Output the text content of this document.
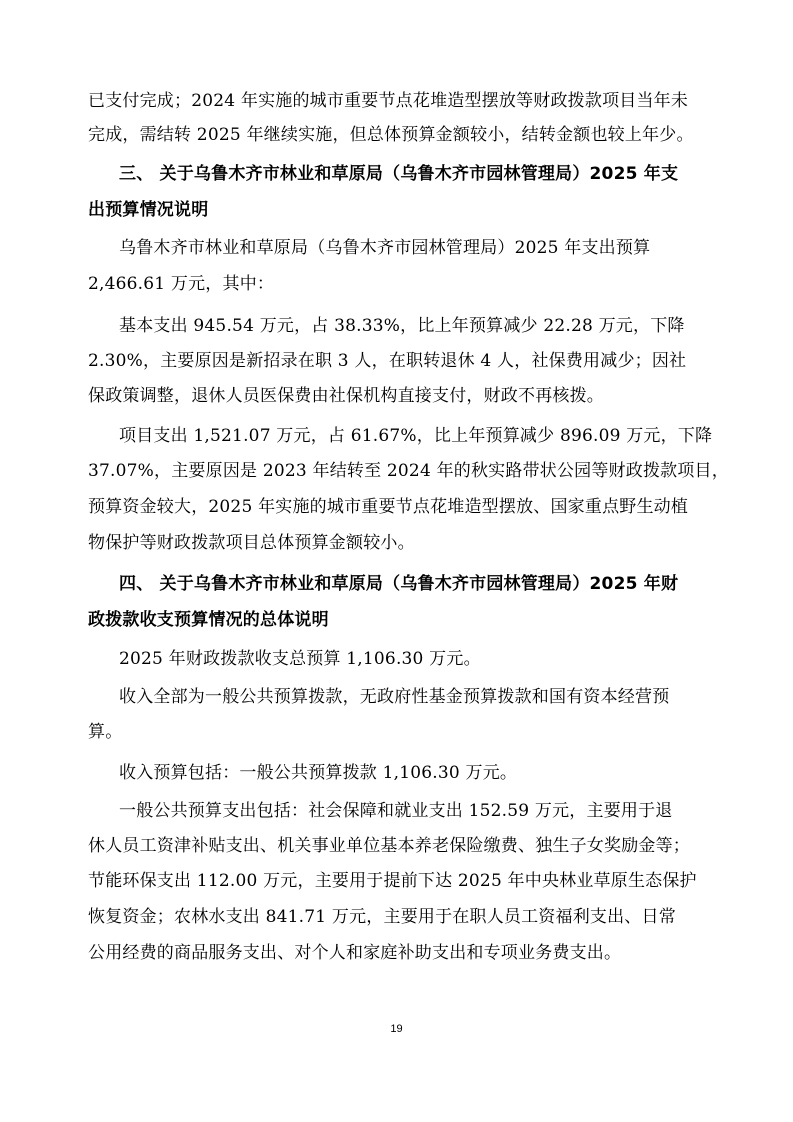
已支付完成；2024 年实施的城市重要节点花堆造型摆放等财政拨款项目当年未
完成，需结转 2025 年继续实施，但总体预算金额较小，结转金额也较上年少。
三、 关于乌鲁木齐市林业和草原局（乌鲁木齐市园林管理局）2025 年支
出预算情况说明
乌鲁木齐市林业和草原局（乌鲁木齐市园林管理局）2025 年支出预算
2,466.61 万元，其中：
基本支出 945.54 万元，占 38.33%，比上年预算减少 22.28 万元，下降
2.30%，主要原因是新招录在职 3 人，在职转退休 4 人，社保费用减少；因社
保政策调整，退休人员医保费由社保机构直接支付，财政不再核拨。
项目支出 1,521.07 万元，占 61.67%，比上年预算减少 896.09 万元，下降
37.07%，主要原因是 2023 年结转至 2024 年的秋实路带状公园等财政拨款项目，
预算资金较大，2025 年实施的城市重要节点花堆造型摆放、国家重点野生动植
物保护等财政拨款项目总体预算金额较小。
四、 关于乌鲁木齐市林业和草原局（乌鲁木齐市园林管理局）2025 年财
政拨款收支预算情况的总体说明
2025 年财政拨款收支总预算 1,106.30 万元。
收入全部为一般公共预算拨款，无政府性基金预算拨款和国有资本经营预
算。
收入预算包括：一般公共预算拨款 1,106.30 万元。
一般公共预算支出包括：社会保障和就业支出 152.59 万元，主要用于退
休人员工资津补贴支出、机关事业单位基本养老保险缴费、独生子女奖励金等；
节能环保支出 112.00 万元，主要用于提前下达 2025 年中央林业草原生态保护
恢复资金；农林水支出 841.71 万元，主要用于在职人员工资福利支出、日常
公用经费的商品服务支出、对个人和家庭补助支出和专项业务费支出。
19
